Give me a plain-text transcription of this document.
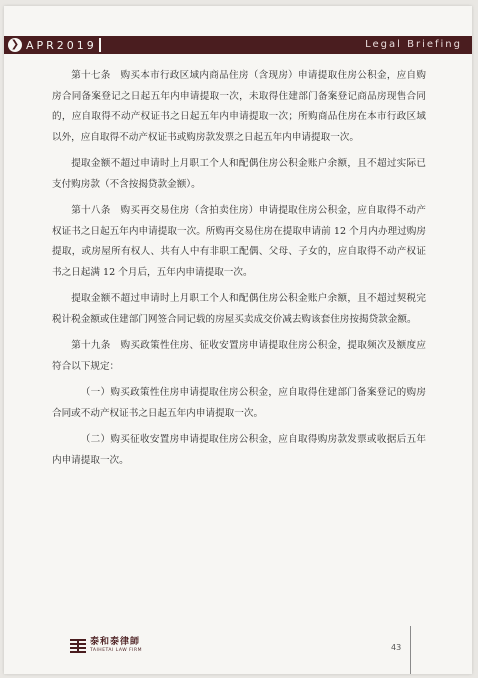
❯ APR2019	Legal Briefing

第十七条　购买本市行政区域内商品住房（含现房）申请提取住房公积金，应自购房合同备案登记之日起五年内申请提取一次，未取得住建部门备案登记商品房现售合同的，应自取得不动产权证书之日起五年内申请提取一次；所购商品住房在本市行政区域以外，应自取得不动产权证书或购房款发票之日起五年内申请提取一次。

提取金额不超过申请时上月职工个人和配偶住房公积金账户余额，且不超过实际已支付购房款（不含按揭贷款金额）。

第十八条　购买再交易住房（含拍卖住房）申请提取住房公积金，应自取得不动产权证书之日起五年内申请提取一次。所购再交易住房在提取申请前 12 个月内办理过购房提取，或房屋所有权人、共有人中有非职工配偶、父母、子女的，应自取得不动产权证书之日起满 12 个月后，五年内申请提取一次。

提取金额不超过申请时上月职工个人和配偶住房公积金账户余额，且不超过契税完税计税金额或住建部门网签合同记载的房屋买卖成交价减去购该套住房按揭贷款金额。

第十九条　购买政策性住房、征收安置房申请提取住房公积金，提取频次及额度应符合以下规定：

（一）购买政策性住房申请提取住房公积金，应自取得住建部门备案登记的购房合同或不动产权证书之日起五年内申请提取一次。

（二）购买征收安置房申请提取住房公积金，应自取得购房款发票或收据后五年内申请提取一次。

泰和泰律師
TAIHETAI LAW FIRM	43
